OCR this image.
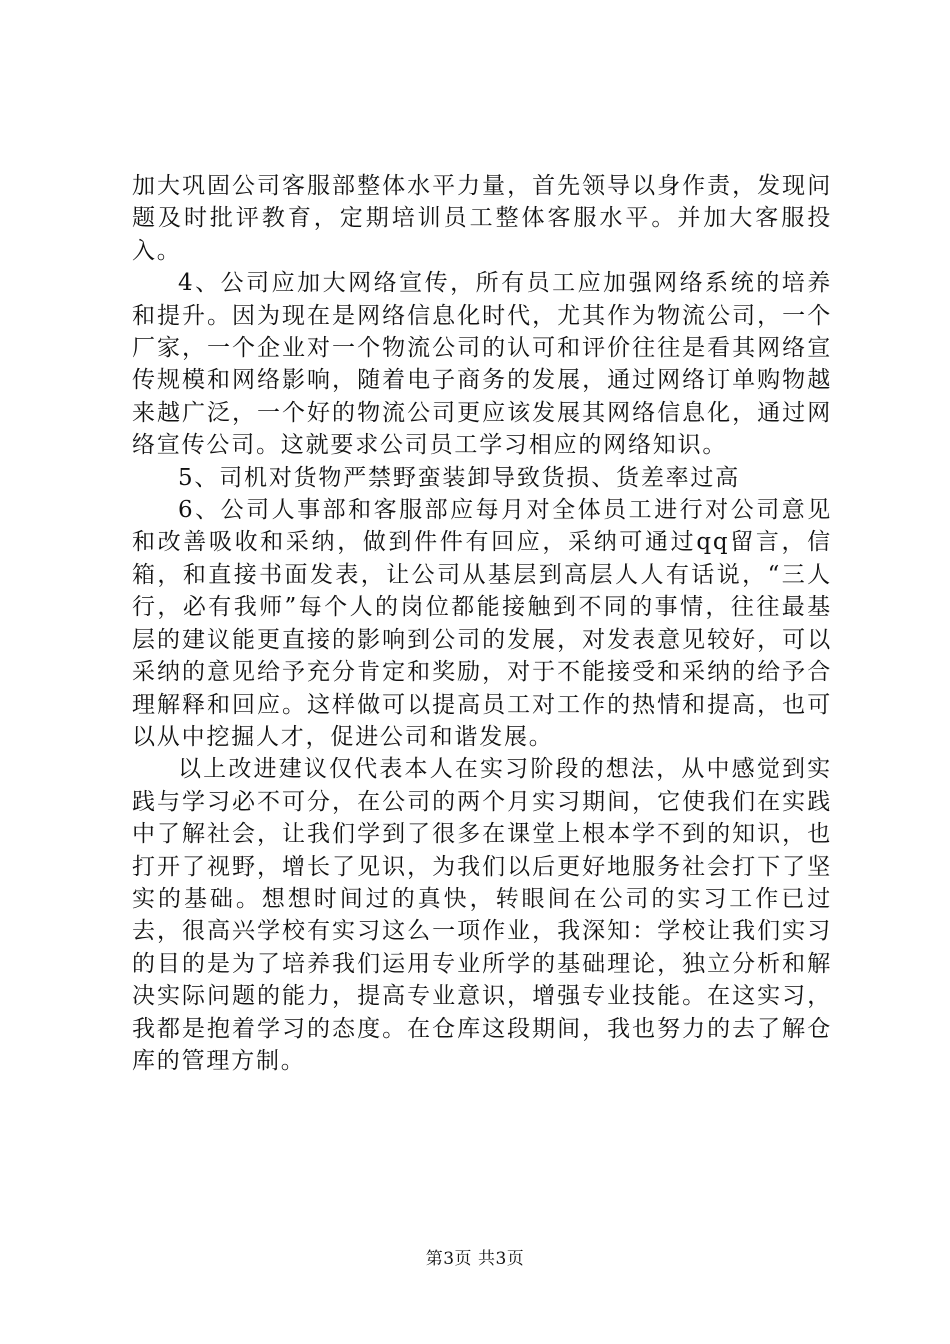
加大巩固公司客服部整体水平力量，首先领导以身作责，发现问题及时批评教育，定期培训员工整体客服水平。并加大客服投入。

4、公司应加大网络宣传，所有员工应加强网络系统的培养和提升。因为现在是网络信息化时代，尤其作为物流公司，一个厂家，一个企业对一个物流公司的认可和评价往往是看其网络宣传规模和网络影响，随着电子商务的发展，通过网络订单购物越来越广泛，一个好的物流公司更应该发展其网络信息化，通过网络宣传公司。这就要求公司员工学习相应的网络知识。

5、司机对货物严禁野蛮装卸导致货损、货差率过高

6、公司人事部和客服部应每月对全体员工进行对公司意见和改善吸收和采纳，做到件件有回应，采纳可通过qq留言，信箱，和直接书面发表，让公司从基层到高层人人有话说，“三人行，必有我师”每个人的岗位都能接触到不同的事情，往往最基层的建议能更直接的影响到公司的发展，对发表意见较好，可以采纳的意见给予充分肯定和奖励，对于不能接受和采纳的给予合理解释和回应。这样做可以提高员工对工作的热情和提高，也可以从中挖掘人才，促进公司和谐发展。

以上改进建议仅代表本人在实习阶段的想法，从中感觉到实践与学习必不可分，在公司的两个月实习期间，它使我们在实践中了解社会，让我们学到了很多在课堂上根本学不到的知识，也打开了视野，增长了见识，为我们以后更好地服务社会打下了坚实的基础。想想时间过的真快，转眼间在公司的实习工作已过去，很高兴学校有实习这么一项作业，我深知：学校让我们实习的目的是为了培养我们运用专业所学的基础理论，独立分析和解决实际问题的能力，提高专业意识，增强专业技能。在这实习，我都是抱着学习的态度。在仓库这段期间，我也努力的去了解仓库的管理方制。

第3页 共3页
